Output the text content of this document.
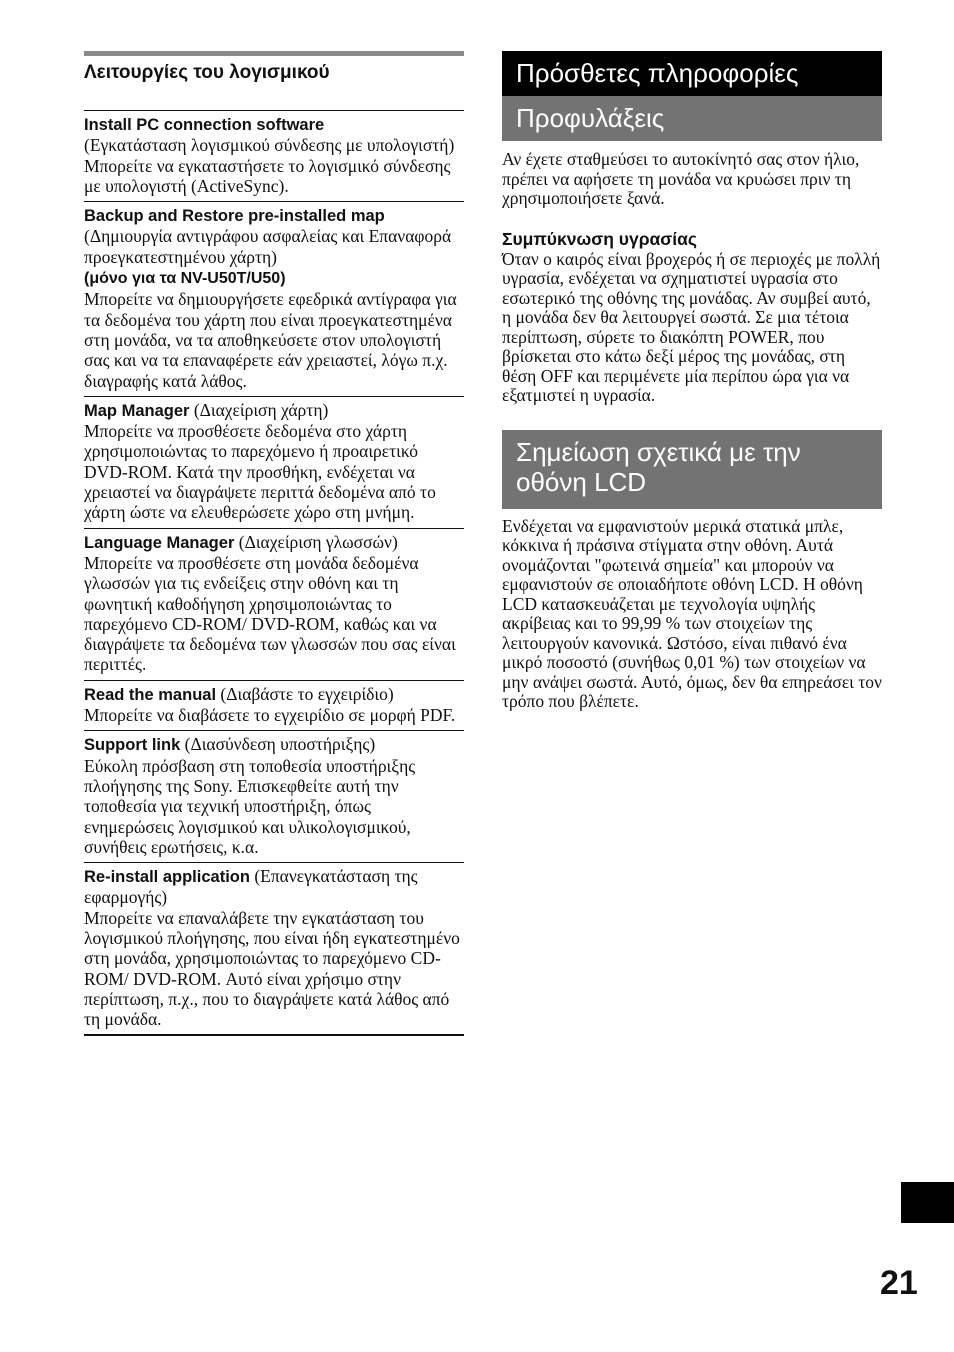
Λειτουργίες του λογισμικού
Install PC connection software
(Εγκατάσταση λογισμικού σύνδεσης με υπολογιστή)
Μπορείτε να εγκαταστήσετε το λογισμικό σύνδεσης με υπολογιστή (ActiveSync).
Backup and Restore pre-installed map
(Δημιουργία αντιγράφου ασφαλείας και Επαναφορά προεγκατεστημένου χάρτη)
(μόνο για τα NV-U50T/U50)
Μπορείτε να δημιουργήσετε εφεδρικά αντίγραφα για τα δεδομένα του χάρτη που είναι προεγκατεστημένα στη μονάδα, να τα αποθηκεύσετε στον υπολογιστή σας και να τα επαναφέρετε εάν χρειαστεί, λόγω π.χ. διαγραφής κατά λάθος.
Map Manager (Διαχείριση χάρτη)
Μπορείτε να προσθέσετε δεδομένα στο χάρτη χρησιμοποιώντας το παρεχόμενο ή προαιρετικό DVD-ROM. Κατά την προσθήκη, ενδέχεται να χρειαστεί να διαγράψετε περιττά δεδομένα από το χάρτη ώστε να ελευθερώσετε χώρο στη μνήμη.
Language Manager (Διαχείριση γλωσσών)
Μπορείτε να προσθέσετε στη μονάδα δεδομένα γλωσσών για τις ενδείξεις στην οθόνη και τη φωνητική καθοδήγηση χρησιμοποιώντας το παρεχόμενο CD-ROM/ DVD-ROM, καθώς και να διαγράψετε τα δεδομένα των γλωσσών που σας είναι περιττές.
Read the manual (Διαβάστε το εγχειρίδιο)
Μπορείτε να διαβάσετε το εγχειρίδιο σε μορφή PDF.
Support link (Διασύνδεση υποστήριξης)
Εύκολη πρόσβαση στη τοποθεσία υποστήριξης πλοήγησης της Sony. Επισκεφθείτε αυτή την τοποθεσία για τεχνική υποστήριξη, όπως ενημερώσεις λογισμικού και υλικολογισμικού, συνήθεις ερωτήσεις, κ.α.
Re-install application (Επανεγκατάσταση της εφαρμογής)
Μπορείτε να επαναλάβετε την εγκατάσταση του λογισμικού πλοήγησης, που είναι ήδη εγκατεστημένο στη μονάδα, χρησιμοποιώντας το παρεχόμενο CD-ROM/ DVD-ROM. Αυτό είναι χρήσιμο στην περίπτωση, π.χ., που το διαγράψετε κατά λάθος από τη μονάδα.
Πρόσθετες πληροφορίες
Προφυλάξεις

Αν έχετε σταθμεύσει το αυτοκίνητό σας στον ήλιο, πρέπει να αφήσετε τη μονάδα να κρυώσει πριν τη χρησιμοποιήσετε ξανά.

Συμπύκνωση υγρασίας

Όταν ο καιρός είναι βροχερός ή σε περιοχές με πολλή υγρασία, ενδέχεται να σχηματιστεί υγρασία στο εσωτερικό της οθόνης της μονάδας. Αν συμβεί αυτό, η μονάδα δεν θα λειτουργεί σωστά. Σε μια τέτοια περίπτωση, σύρετε το διακόπτη POWER, που βρίσκεται στο κάτω δεξί μέρος της μονάδας, στη θέση OFF και περιμένετε μία περίπου ώρα για να εξατμιστεί η υγρασία.

Σημείωση σχετικά με την οθόνη LCD

Ενδέχεται να εμφανιστούν μερικά στατικά μπλε, κόκκινα ή πράσινα στίγματα στην οθόνη. Αυτά ονομάζονται "φωτεινά σημεία" και μπορούν να εμφανιστούν σε οποιαδήποτε οθόνη LCD. Η οθόνη LCD κατασκευάζεται με τεχνολογία υψηλής ακρίβειας και το 99,99 % των στοιχείων της λειτουργούν κανονικά. Ωστόσο, είναι πιθανό ένα μικρό ποσοστό (συνήθως 0,01 %) των στοιχείων να μην ανάψει σωστά. Αυτό, όμως, δεν θα επηρεάσει τον τρόπο που βλέπετε.

21
